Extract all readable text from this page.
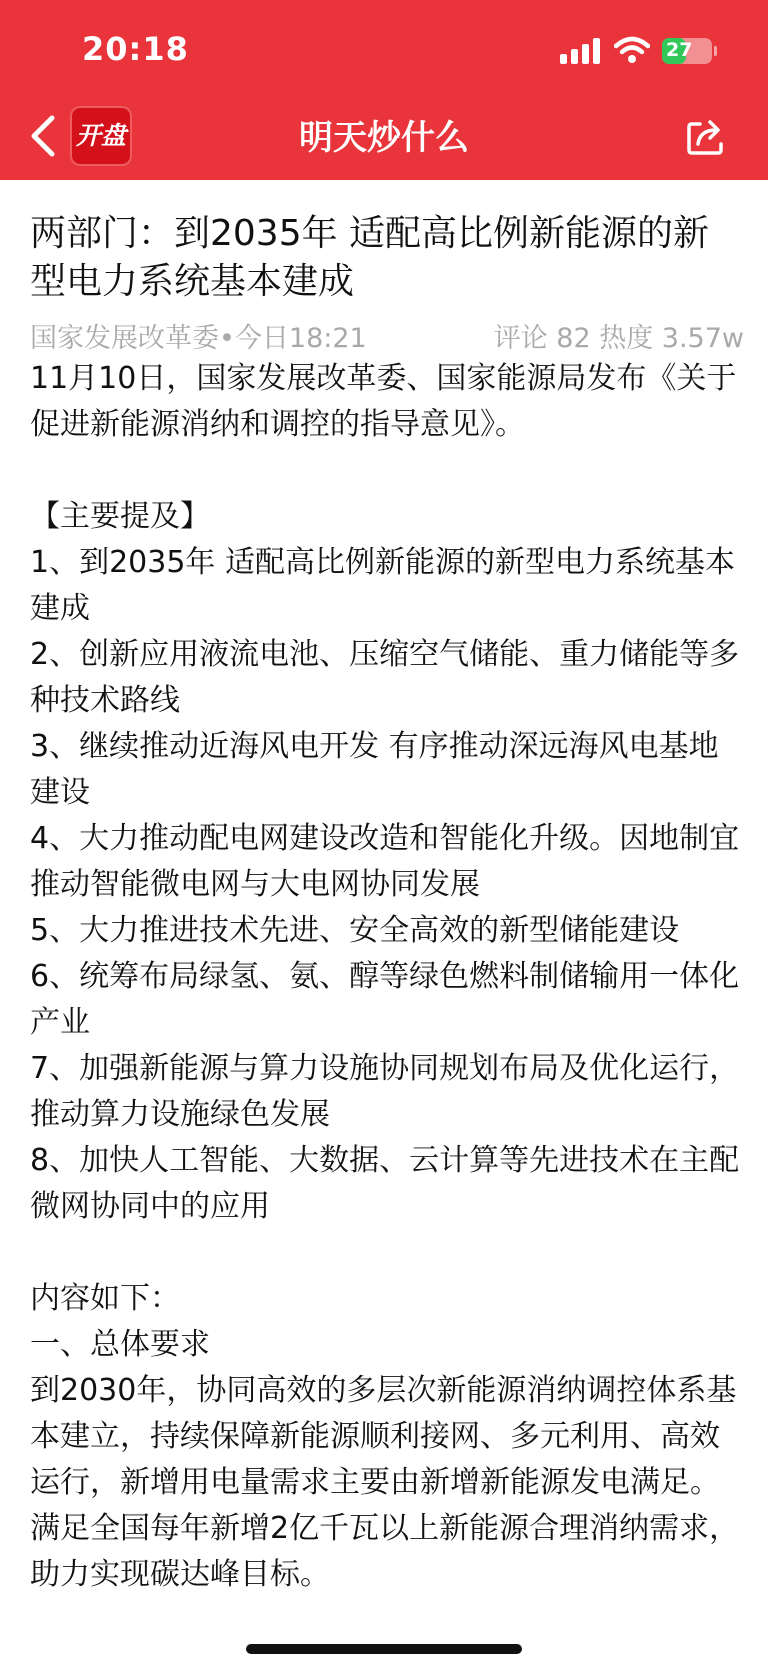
20:18	27
开盘	明天炒什么
两部门：到2035年 适配高比例新能源的新型电力系统基本建成
国家发展改革委•今日18:21	评论 82 热度 3.57w
11月10日，国家发展改革委、国家能源局发布《关于促进新能源消纳和调控的指导意见》。
【主要提及】
1、到2035年 适配高比例新能源的新型电力系统基本建成
2、创新应用液流电池、压缩空气储能、重力储能等多种技术路线
3、继续推动近海风电开发 有序推动深远海风电基地建设
4、大力推动配电网建设改造和智能化升级。因地制宜推动智能微电网与大电网协同发展
5、大力推进技术先进、安全高效的新型储能建设
6、统筹布局绿氢、氨、醇等绿色燃料制储输用一体化产业
7、加强新能源与算力设施协同规划布局及优化运行，推动算力设施绿色发展
8、加快人工智能、大数据、云计算等先进技术在主配微网协同中的应用
内容如下：
一、总体要求
到2030年，协同高效的多层次新能源消纳调控体系基本建立，持续保障新能源顺利接网、多元利用、高效运行，新增用电量需求主要由新增新能源发电满足。满足全国每年新增2亿千瓦以上新能源合理消纳需求，助力实现碳达峰目标。
